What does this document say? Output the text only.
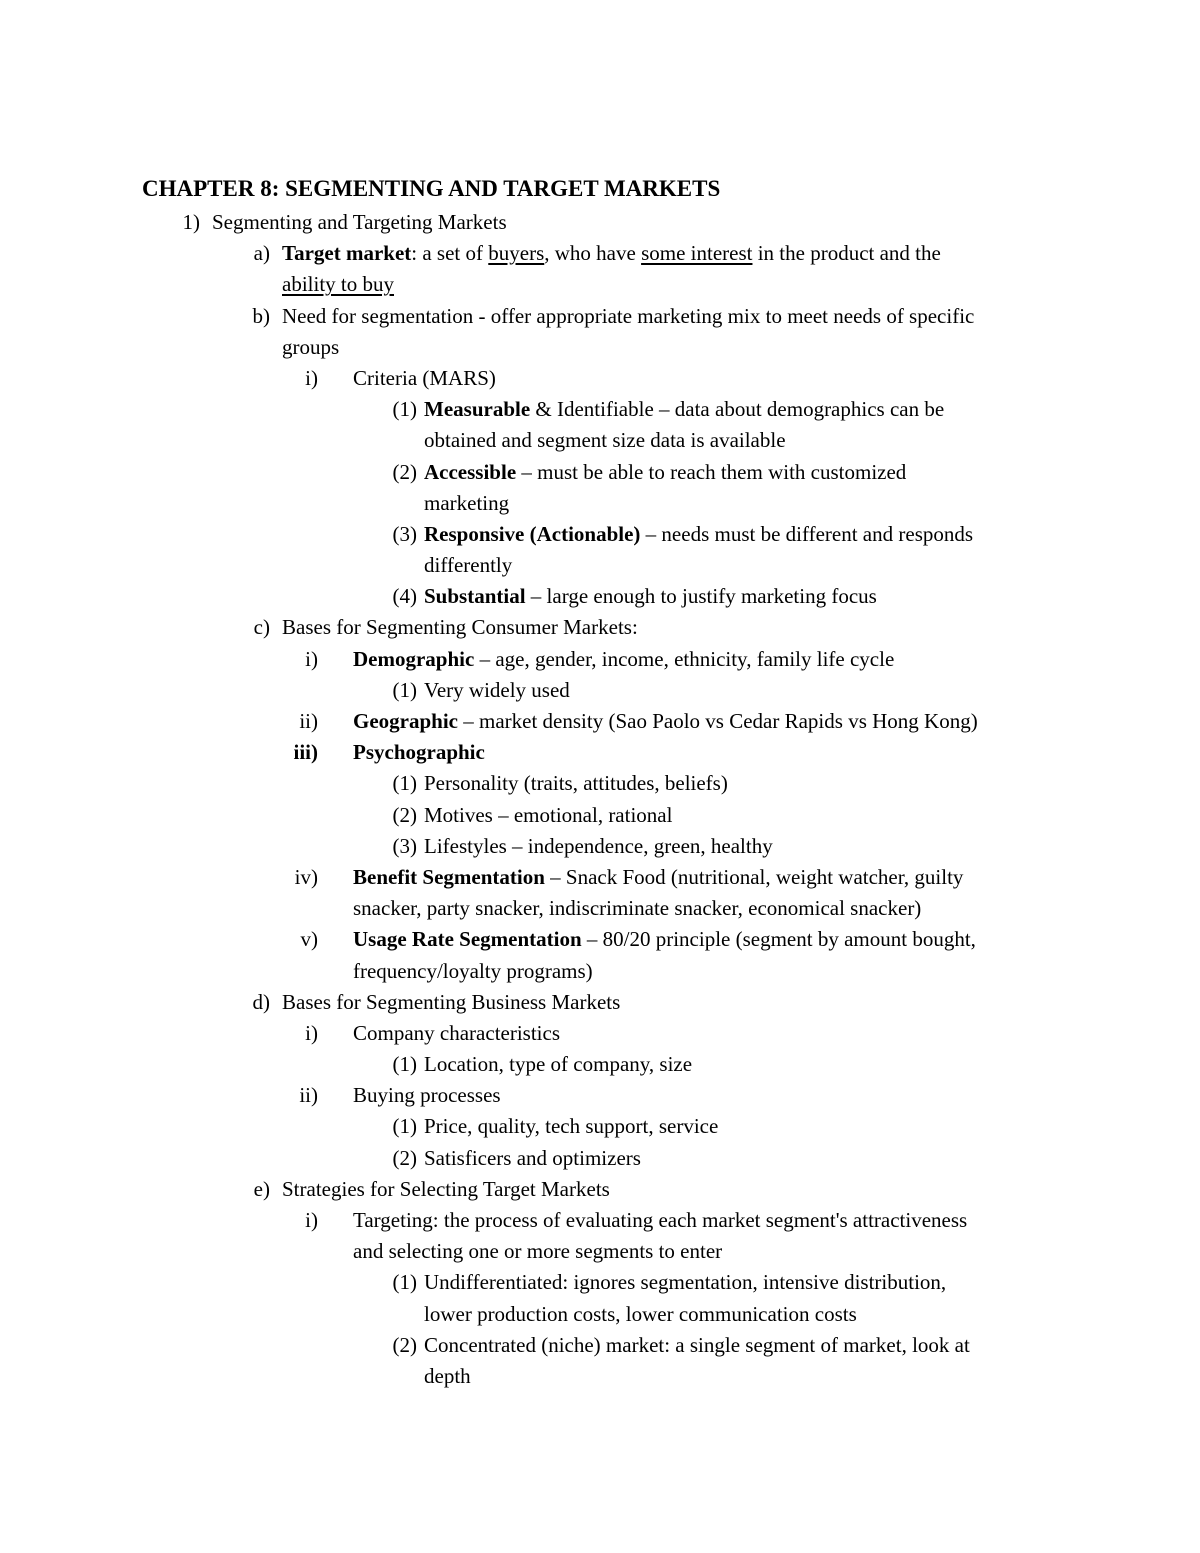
CHAPTER 8: SEGMENTING AND TARGET MARKETS
1) Segmenting and Targeting Markets
a) Target market: a set of buyers, who have some interest in the product and the
ability to buy
b) Need for segmentation - offer appropriate marketing mix to meet needs of specific
groups
i) Criteria (MARS)
(1) Measurable & Identifiable – data about demographics can be
obtained and segment size data is available
(2) Accessible – must be able to reach them with customized
marketing
(3) Responsive (Actionable) – needs must be different and responds
differently
(4) Substantial – large enough to justify marketing focus
c) Bases for Segmenting Consumer Markets:
i) Demographic – age, gender, income, ethnicity, family life cycle
(1) Very widely used
ii) Geographic – market density (Sao Paolo vs Cedar Rapids vs Hong Kong)
iii) Psychographic
(1) Personality (traits, attitudes, beliefs)
(2) Motives – emotional, rational
(3) Lifestyles – independence, green, healthy
iv) Benefit Segmentation – Snack Food (nutritional, weight watcher, guilty
snacker, party snacker, indiscriminate snacker, economical snacker)
v) Usage Rate Segmentation – 80/20 principle (segment by amount bought,
frequency/loyalty programs)
d) Bases for Segmenting Business Markets
i) Company characteristics
(1) Location, type of company, size
ii) Buying processes
(1) Price, quality, tech support, service
(2) Satisficers and optimizers
e) Strategies for Selecting Target Markets
i) Targeting: the process of evaluating each market segment's attractiveness
and selecting one or more segments to enter
(1) Undifferentiated: ignores segmentation, intensive distribution,
lower production costs, lower communication costs
(2) Concentrated (niche) market: a single segment of market, look at
depth
